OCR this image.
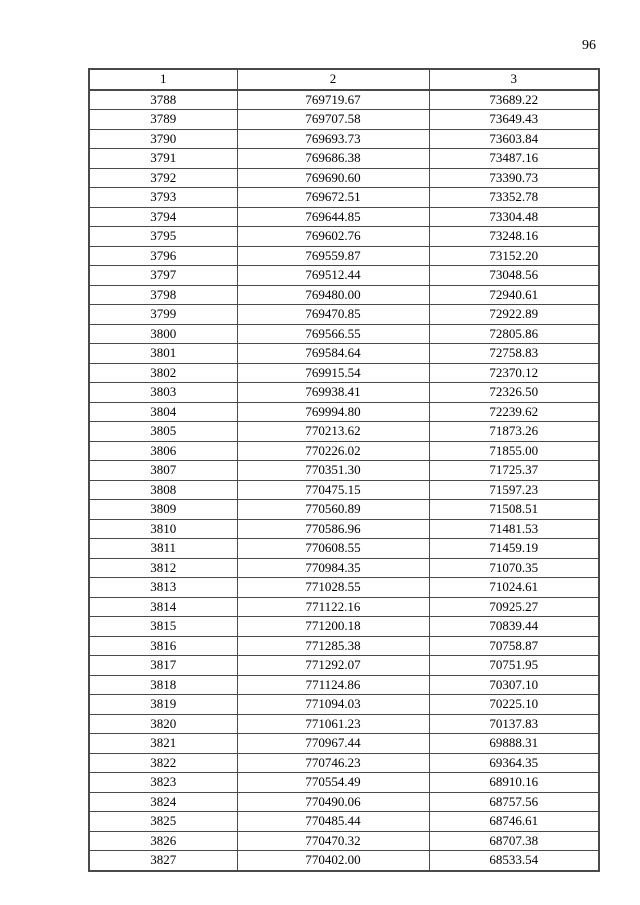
96
1	2	3
3788	769719.67	73689.22
3789	769707.58	73649.43
3790	769693.73	73603.84
3791	769686.38	73487.16
3792	769690.60	73390.73
3793	769672.51	73352.78
3794	769644.85	73304.48
3795	769602.76	73248.16
3796	769559.87	73152.20
3797	769512.44	73048.56
3798	769480.00	72940.61
3799	769470.85	72922.89
3800	769566.55	72805.86
3801	769584.64	72758.83
3802	769915.54	72370.12
3803	769938.41	72326.50
3804	769994.80	72239.62
3805	770213.62	71873.26
3806	770226.02	71855.00
3807	770351.30	71725.37
3808	770475.15	71597.23
3809	770560.89	71508.51
3810	770586.96	71481.53
3811	770608.55	71459.19
3812	770984.35	71070.35
3813	771028.55	71024.61
3814	771122.16	70925.27
3815	771200.18	70839.44
3816	771285.38	70758.87
3817	771292.07	70751.95
3818	771124.86	70307.10
3819	771094.03	70225.10
3820	771061.23	70137.83
3821	770967.44	69888.31
3822	770746.23	69364.35
3823	770554.49	68910.16
3824	770490.06	68757.56
3825	770485.44	68746.61
3826	770470.32	68707.38
3827	770402.00	68533.54
